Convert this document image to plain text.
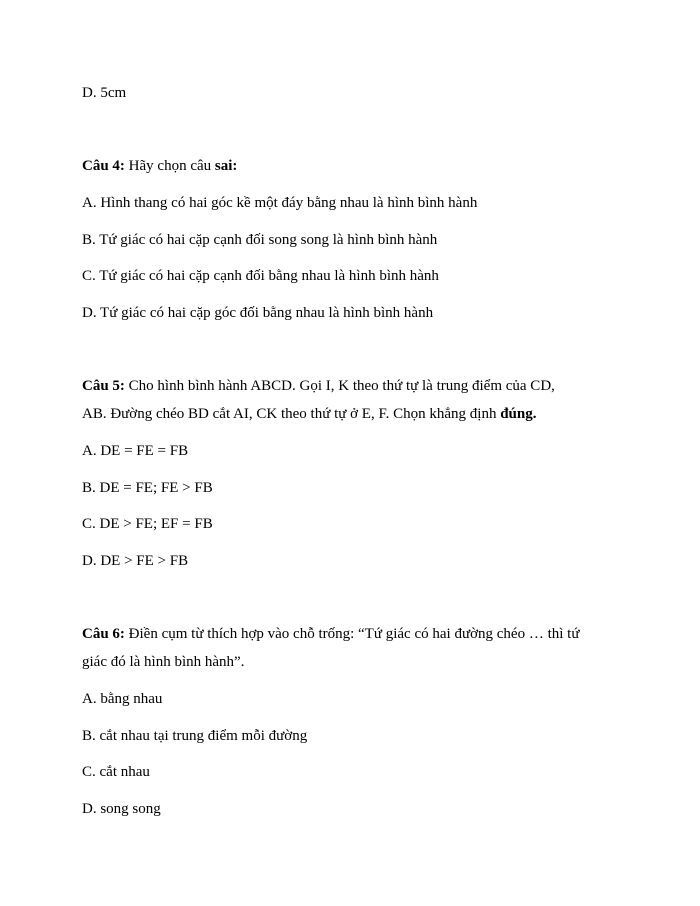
D. 5cm
Câu 4: Hãy chọn câu sai:
A. Hình thang có hai góc kề một đáy bằng nhau là hình bình hành
B. Tứ giác có hai cặp cạnh đối song song là hình bình hành
C. Tứ giác có hai cặp cạnh đối bằng nhau là hình bình hành
D. Tứ giác có hai cặp góc đối bằng nhau là hình bình hành
Câu 5: Cho hình bình hành ABCD. Gọi I, K theo thứ tự là trung điểm của CD,
AB. Đường chéo BD cắt AI, CK theo thứ tự ở E, F. Chọn khẳng định đúng.
A. DE = FE = FB
B. DE = FE; FE > FB
C. DE > FE; EF = FB
D. DE > FE > FB
Câu 6: Điền cụm từ thích hợp vào chỗ trống: “Tứ giác có hai đường chéo … thì tứ
giác đó là hình bình hành”.
A. bằng nhau
B. cắt nhau tại trung điểm mỗi đường
C. cắt nhau
D. song song
